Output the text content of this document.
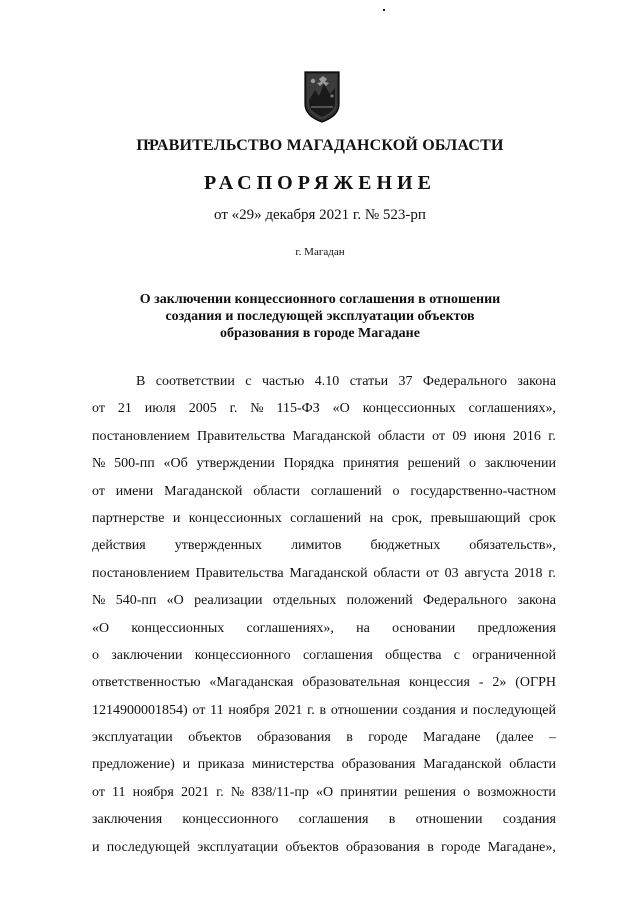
ПРАВИТЕЛЬСТВО МАГАДАНСКОЙ ОБЛАСТИ
РАСПОРЯЖЕНИЕ
от «29» декабря 2021 г. № 523-рп
г. Магадан
О заключении концессионного соглашения в отношении
создания и последующей эксплуатации объектов
образования в городе Магадане
В соответствии с частью 4.10 статьи 37 Федерального закона
от 21 июля 2005 г. № 115-ФЗ «О концессионных соглашениях»,
постановлением Правительства Магаданской области от 09 июня 2016 г.
№ 500-пп «Об утверждении Порядка принятия решений о заключении
от имени Магаданской области соглашений о государственно-частном
партнерстве и концессионных соглашений на срок, превышающий срок
действия утвержденных лимитов бюджетных обязательств»,
постановлением Правительства Магаданской области от 03 августа 2018 г.
№ 540-пп «О реализации отдельных положений Федерального закона
«О концессионных соглашениях», на основании предложения
о заключении концессионного соглашения общества с ограниченной
ответственностью «Магаданская образовательная концессия - 2» (ОГРН
1214900001854) от 11 ноября 2021 г. в отношении создания и последующей
эксплуатации объектов образования в городе Магадане (далее –
предложение) и приказа министерства образования Магаданской области
от 11 ноября 2021 г. № 838/11-пр «О принятии решения о возможности
заключения концессионного соглашения в отношении создания
и последующей эксплуатации объектов образования в городе Магадане»,
